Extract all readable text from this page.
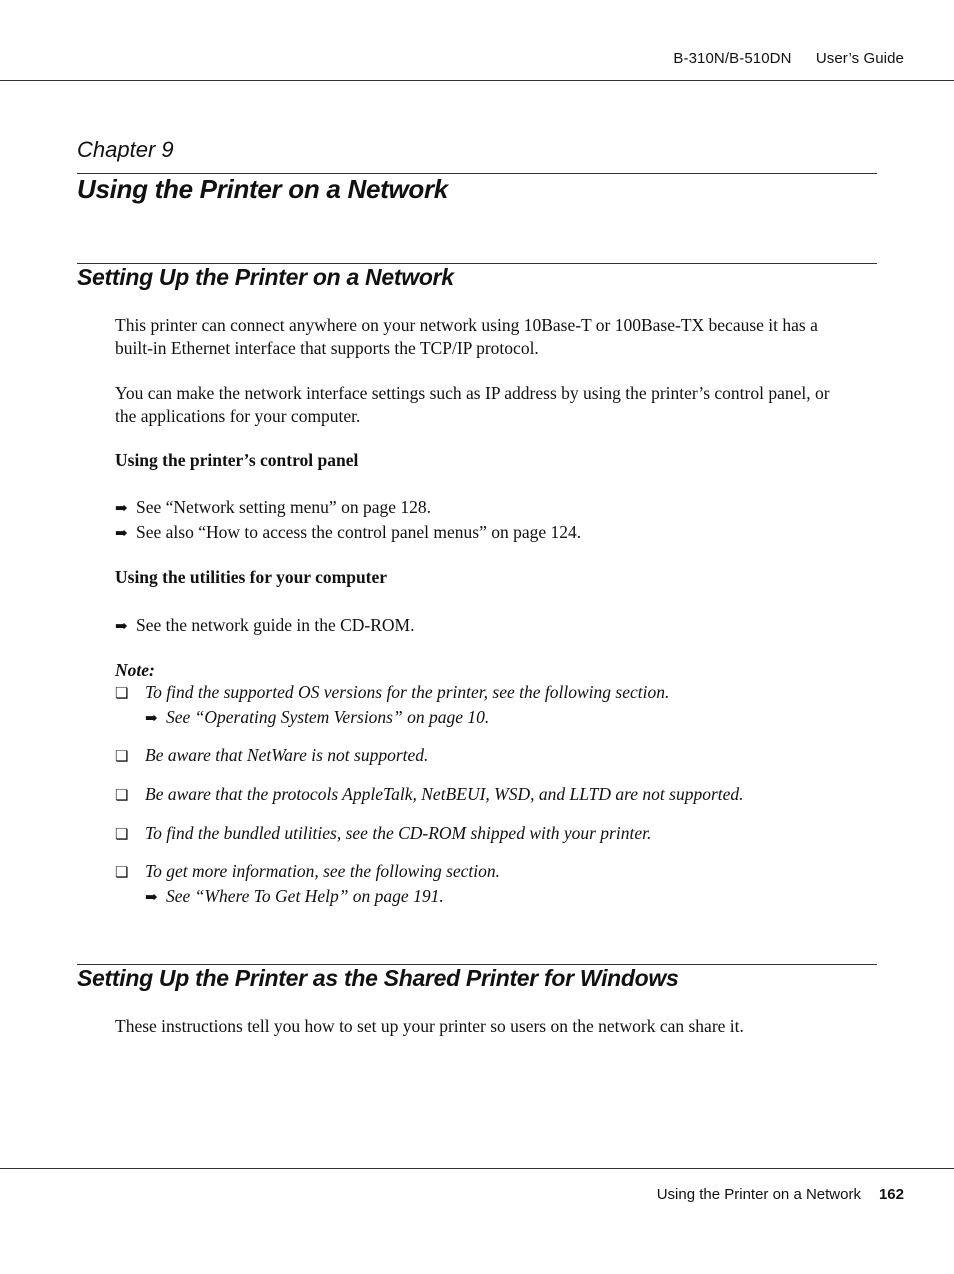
B-310N/B-510DN User’s Guide
Chapter 9
Using the Printer on a Network
Setting Up the Printer on a Network
This printer can connect anywhere on your network using 10Base-T or 100Base-TX because it has a
built-in Ethernet interface that supports the TCP/IP protocol.
You can make the network interface settings such as IP address by using the printer’s control panel, or
the applications for your computer.
Using the printer’s control panel
➡ See “Network setting menu” on page 128.
➡ See also “How to access the control panel menus” on page 124.
Using the utilities for your computer
➡ See the network guide in the CD-ROM.
Note:
❏ To find the supported OS versions for the printer, see the following section.
➡ See “Operating System Versions” on page 10.
❏ Be aware that NetWare is not supported.
❏ Be aware that the protocols AppleTalk, NetBEUI, WSD, and LLTD are not supported.
❏ To find the bundled utilities, see the CD-ROM shipped with your printer.
❏ To get more information, see the following section.
➡ See “Where To Get Help” on page 191.
Setting Up the Printer as the Shared Printer for Windows
These instructions tell you how to set up your printer so users on the network can share it.
Using the Printer on a Network 162
